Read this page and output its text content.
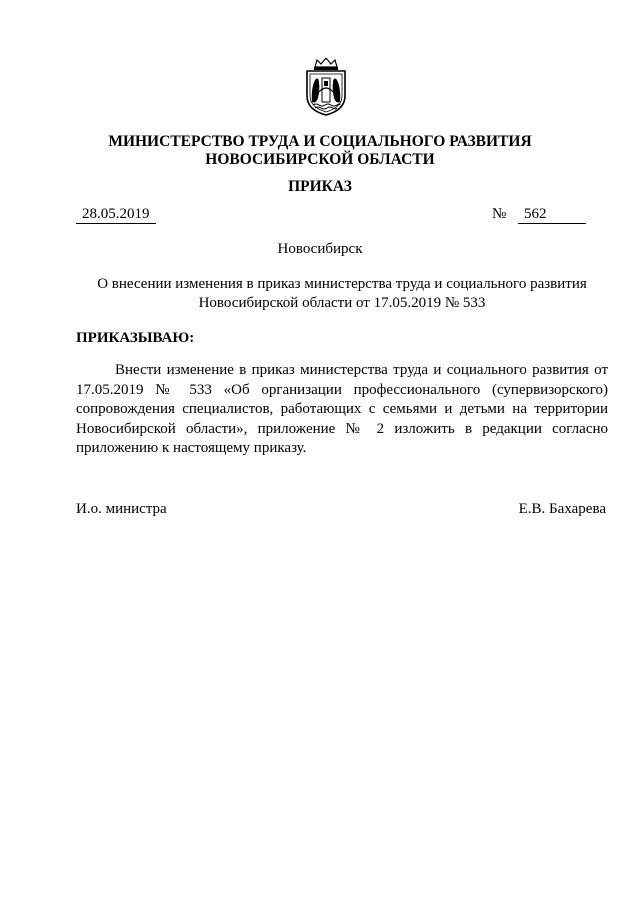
МИНИСТЕРСТВО ТРУДА И СОЦИАЛЬНОГО РАЗВИТИЯ
НОВОСИБИРСКОЙ ОБЛАСТИ
ПРИКАЗ
28.05.2019	№	562
Новосибирск
О внесении изменения в приказ министерства труда и социального развития Новосибирской области от 17.05.2019 № 533
ПРИКАЗЫВАЮ:
Внести изменение в приказ министерства труда и социального развития от 17.05.2019 № 533 «Об организации профессионального (супервизорского) сопровождения специалистов, работающих с семьями и детьми на территории Новосибирской области», приложение № 2 изложить в редакции согласно приложению к настоящему приказу.
И.о. министра	Е.В. Бахарева
